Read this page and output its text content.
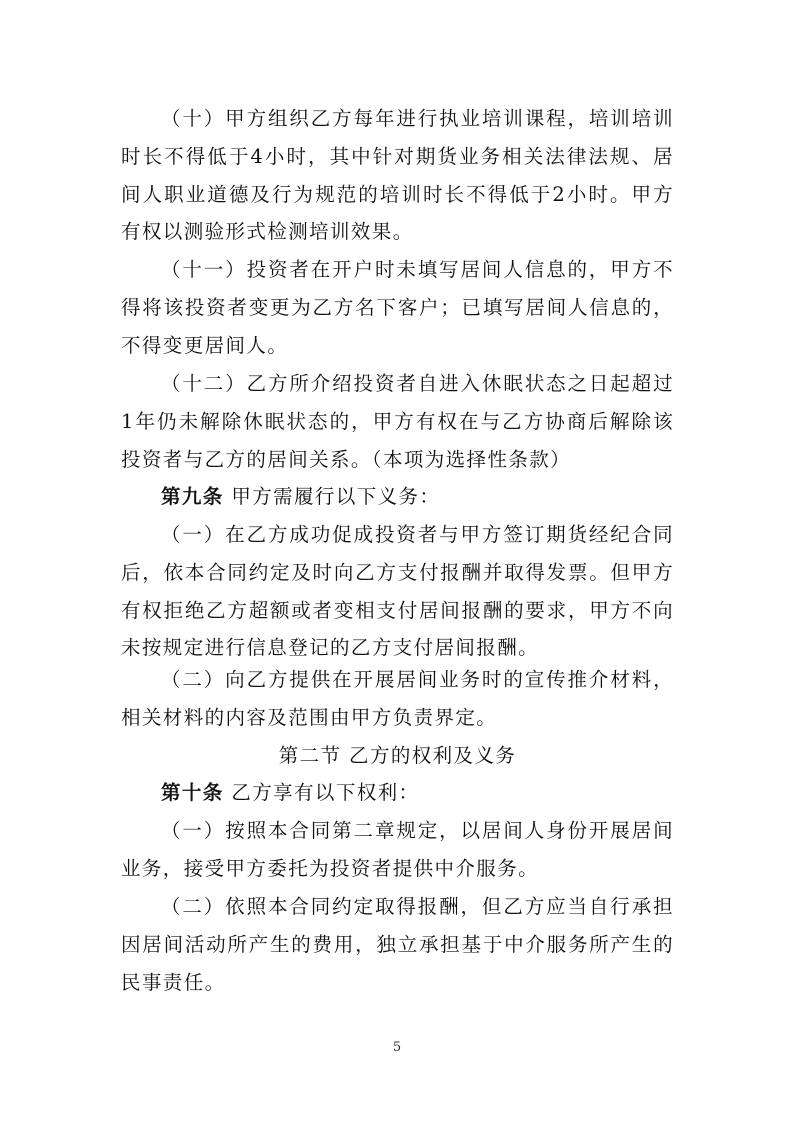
（十）甲方组织乙方每年进行执业培训课程，培训培训时长不得低于4小时，其中针对期货业务相关法律法规、居间人职业道德及行为规范的培训时长不得低于2小时。甲方有权以测验形式检测培训效果。

（十一）投资者在开户时未填写居间人信息的，甲方不得将该投资者变更为乙方名下客户；已填写居间人信息的，不得变更居间人。

（十二）乙方所介绍投资者自进入休眠状态之日起超过1年仍未解除休眠状态的，甲方有权在与乙方协商后解除该投资者与乙方的居间关系。（本项为选择性条款）

第九条 甲方需履行以下义务：

（一）在乙方成功促成投资者与甲方签订期货经纪合同后，依本合同约定及时向乙方支付报酬并取得发票。但甲方有权拒绝乙方超额或者变相支付居间报酬的要求，甲方不向未按规定进行信息登记的乙方支付居间报酬。

（二）向乙方提供在开展居间业务时的宣传推介材料，相关材料的内容及范围由甲方负责界定。

第二节 乙方的权利及义务

第十条 乙方享有以下权利：

（一）按照本合同第二章规定，以居间人身份开展居间业务，接受甲方委托为投资者提供中介服务。

（二）依照本合同约定取得报酬，但乙方应当自行承担因居间活动所产生的费用，独立承担基于中介服务所产生的民事责任。

5
